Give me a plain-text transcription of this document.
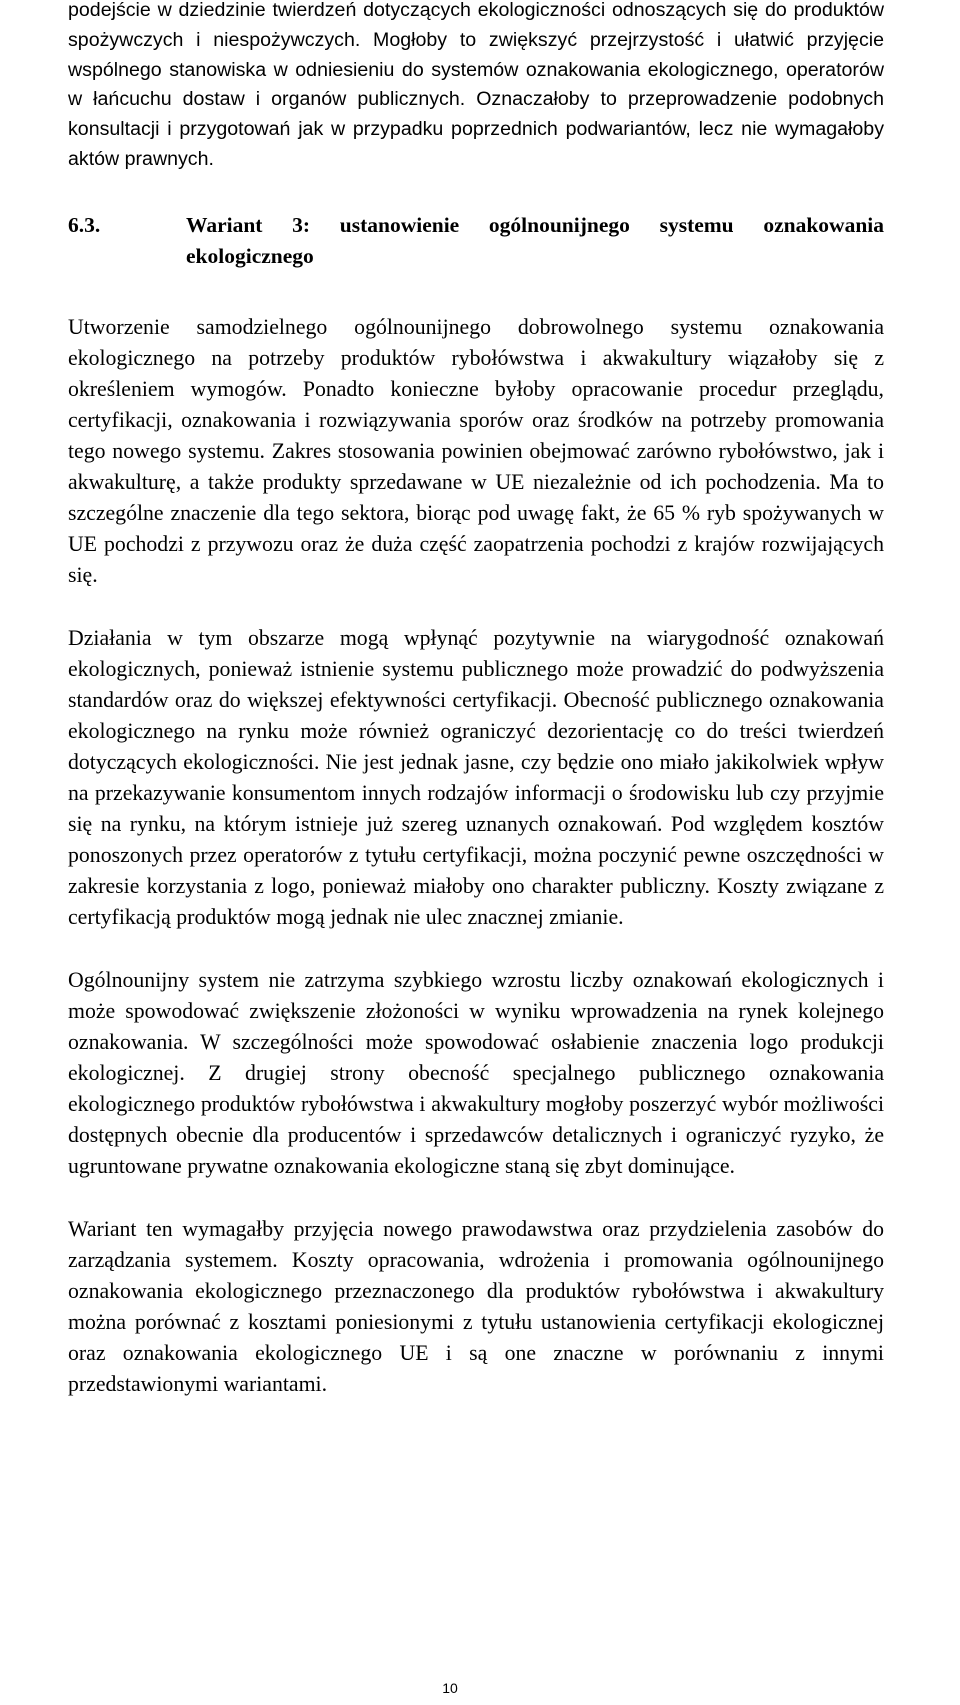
podejście w dziedzinie twierdzeń dotyczących ekologiczności odnoszących się do produktów spożywczych i niespożywczych. Mogłoby to zwiększyć przejrzystość i ułatwić przyjęcie wspólnego stanowiska w odniesieniu do systemów oznakowania ekologicznego, operatorów w łańcuchu dostaw i organów publicznych. Oznaczałoby to przeprowadzenie podobnych konsultacji i przygotowań jak w przypadku poprzednich podwariantów, lecz nie wymagałoby aktów prawnych.

6.3.	Wariant 3: ustanowienie ogólnounijnego systemu oznakowania ekologicznego

Utworzenie samodzielnego ogólnounijnego dobrowolnego systemu oznakowania ekologicznego na potrzeby produktów rybołówstwa i akwakultury wiązałoby się z określeniem wymogów. Ponadto konieczne byłoby opracowanie procedur przeglądu, certyfikacji, oznakowania i rozwiązywania sporów oraz środków na potrzeby promowania tego nowego systemu. Zakres stosowania powinien obejmować zarówno rybołówstwo, jak i akwakulturę, a także produkty sprzedawane w UE niezależnie od ich pochodzenia. Ma to szczególne znaczenie dla tego sektora, biorąc pod uwagę fakt, że 65 % ryb spożywanych w UE pochodzi z przywozu oraz że duża część zaopatrzenia pochodzi z krajów rozwijających się.

Działania w tym obszarze mogą wpłynąć pozytywnie na wiarygodność oznakowań ekologicznych, ponieważ istnienie systemu publicznego może prowadzić do podwyższenia standardów oraz do większej efektywności certyfikacji. Obecność publicznego oznakowania ekologicznego na rynku może również ograniczyć dezorientację co do treści twierdzeń dotyczących ekologiczności. Nie jest jednak jasne, czy będzie ono miało jakikolwiek wpływ na przekazywanie konsumentom innych rodzajów informacji o środowisku lub czy przyjmie się na rynku, na którym istnieje już szereg uznanych oznakowań. Pod względem kosztów ponoszonych przez operatorów z tytułu certyfikacji, można poczynić pewne oszczędności w zakresie korzystania z logo, ponieważ miałoby ono charakter publiczny. Koszty związane z certyfikacją produktów mogą jednak nie ulec znacznej zmianie.

Ogólnounijny system nie zatrzyma szybkiego wzrostu liczby oznakowań ekologicznych i może spowodować zwiększenie złożoności w wyniku wprowadzenia na rynek kolejnego oznakowania. W szczególności może spowodować osłabienie znaczenia logo produkcji ekologicznej. Z drugiej strony obecność specjalnego publicznego oznakowania ekologicznego produktów rybołówstwa i akwakultury mogłoby poszerzyć wybór możliwości dostępnych obecnie dla producentów i sprzedawców detalicznych i ograniczyć ryzyko, że ugruntowane prywatne oznakowania ekologiczne staną się zbyt dominujące.

Wariant ten wymagałby przyjęcia nowego prawodawstwa oraz przydzielenia zasobów do zarządzania systemem. Koszty opracowania, wdrożenia i promowania ogólnounijnego oznakowania ekologicznego przeznaczonego dla produktów rybołówstwa i akwakultury można porównać z kosztami poniesionymi z tytułu ustanowienia certyfikacji ekologicznej oraz oznakowania ekologicznego UE i są one znaczne w porównaniu z innymi przedstawionymi wariantami.

10
